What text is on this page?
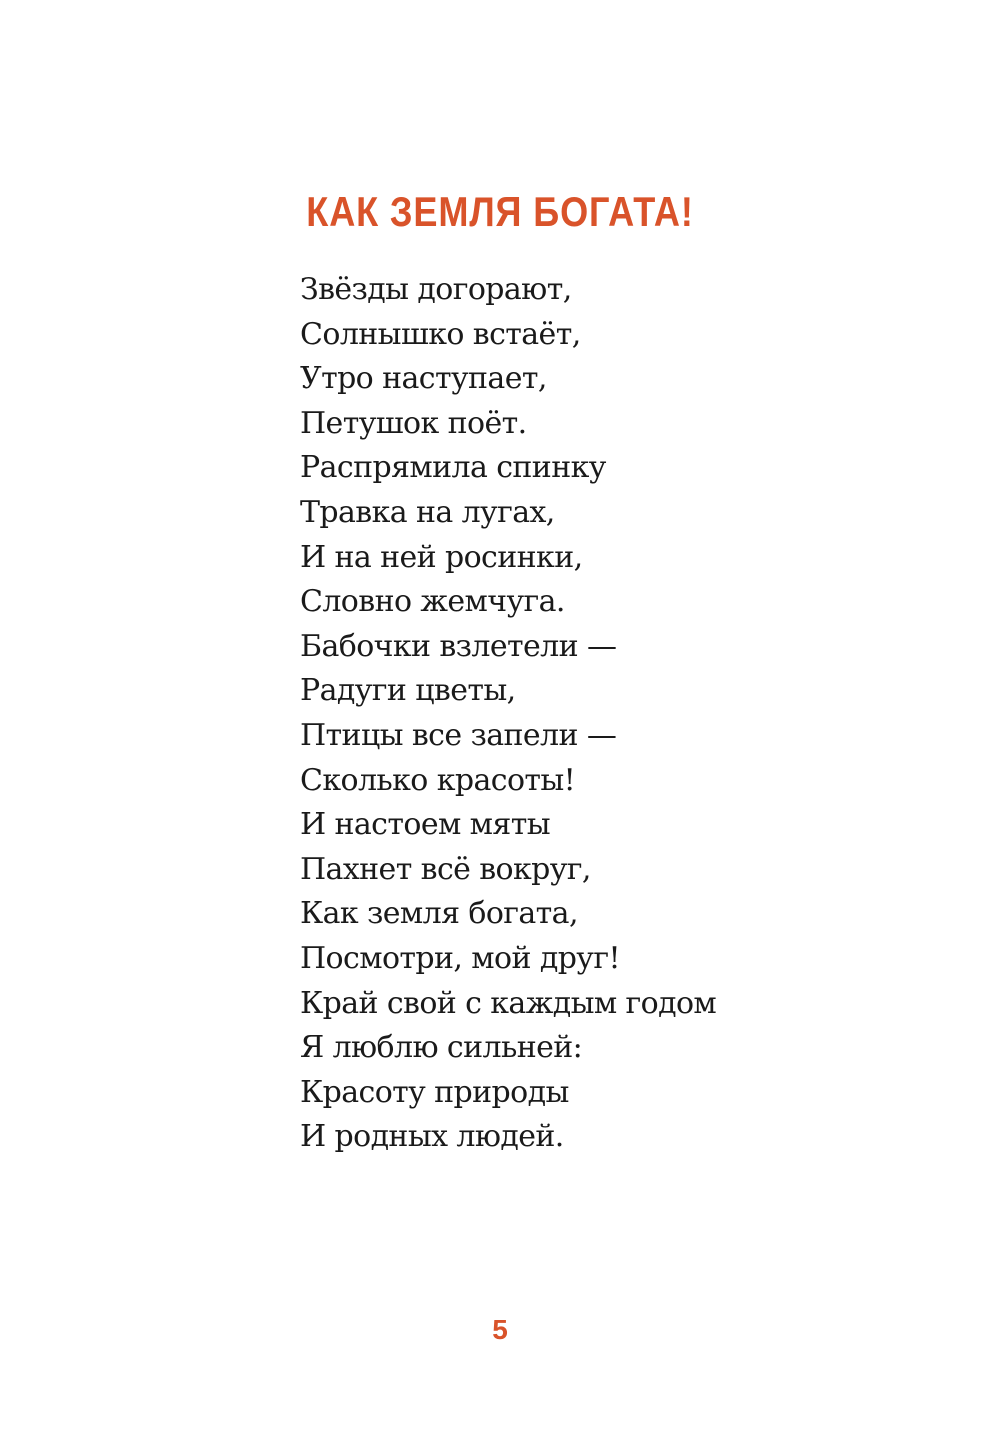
КАК ЗЕМЛЯ БОГАТА!
Звёзды догорают,
Солнышко встаёт,
Утро наступает,
Петушок поёт.
Распрямила спинку
Травка на лугах,
И на ней росинки,
Словно жемчуга.
Бабочки взлетели —
Радуги цветы,
Птицы все запели —
Сколько красоты!
И настоем мяты
Пахнет всё вокруг,
Как земля богата,
Посмотри, мой друг!
Край свой с каждым годом
Я люблю сильней:
Красоту природы
И родных людей.
5
